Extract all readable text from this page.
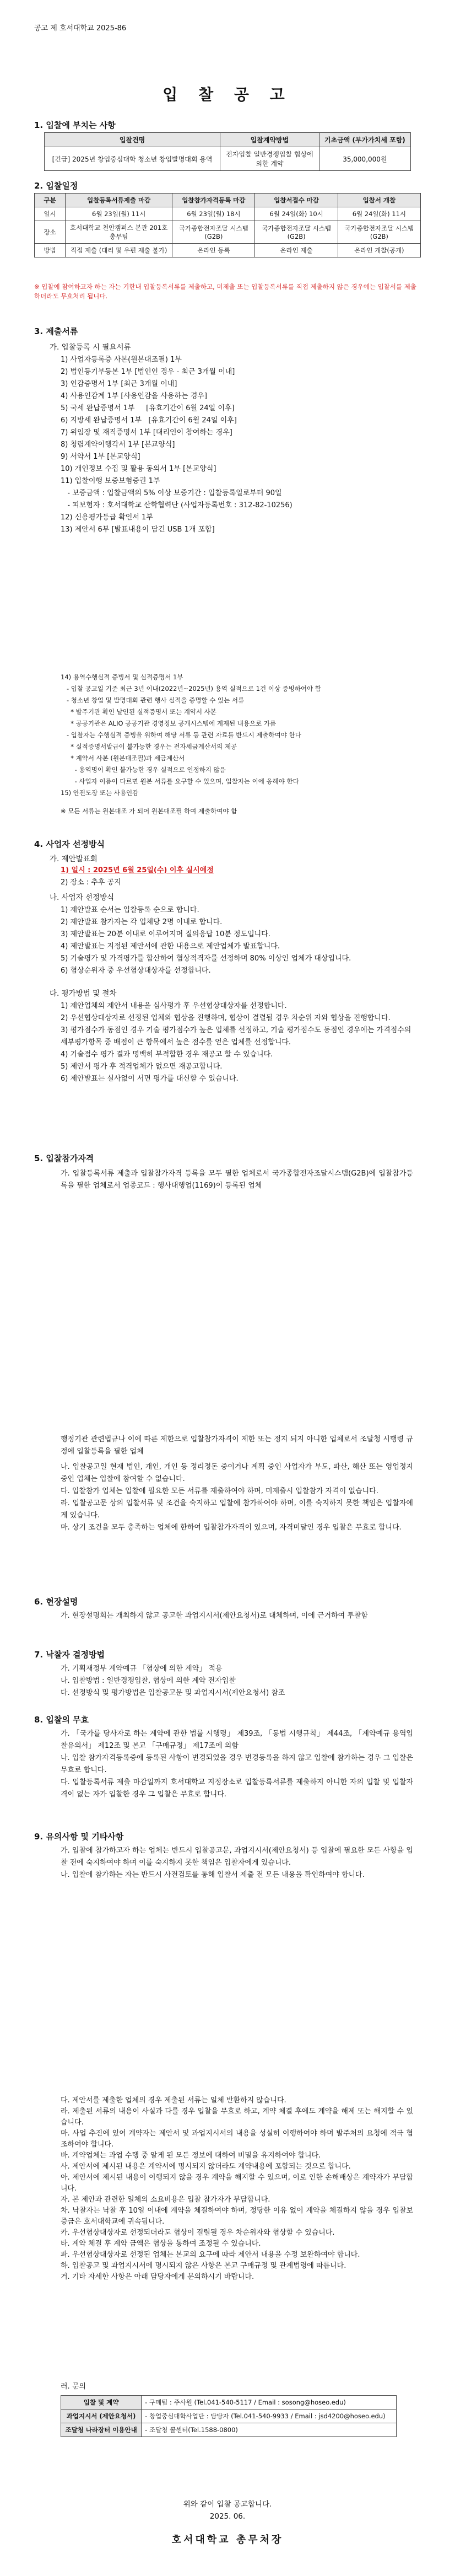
공고 제 호서대학교 2025-86
입 찰 공 고
1. 입찰에 부치는 사항
입찰건명	입찰계약방법	기초금액 (부가가치세 포함)
[긴급] 2025년 창업중심대학 청소년 창업발명대회 용역	전자입찰 일반경쟁입찰 협상에 의한 계약	35,000,000원
2. 입찰일정
구분	입찰등록서류제출 마감	입찰참가자격등록 마감	입찰서접수 마감	입찰서 개찰
일시	6월 23일(월) 11시	6월 23일(월) 18시	6월 24일(화) 10시	6월 24일(화) 11시
장소	호서대학교 천안캠퍼스 본관 201호 총무팀	국가종합전자조달 시스템(G2B)	국가종합전자조달 시스템(G2B)	국가종합전자조달 시스템(G2B)
방법	직접 제출 (대리 및 우편 제출 불가)	온라인 등록	온라인 제출	온라인 개찰(공개)
※ 입찰에 참여하고자 하는 자는 기한내 입찰등록서류를 제출하고, 미제출 또는 입찰등록서류를 직접 제출하지 않은 경우에는 입찰서를 제출하더라도 무효처리 됩니다.
3. 제출서류
가. 입찰등록 시 필요서류
1) 사업자등록증 사본(원본대조필) 1부
2) 법인등기부등본 1부 [법인인 경우 - 최근 3개월 이내]
3) 인감증명서 1부 [최근 3개월 이내]
4) 사용인감계 1부 [사용인감을 사용하는 경우]
5) 국세 완납증명서 1부     [유효기간이 6월 24일 이후]
6) 지방세 완납증명서 1부   [유효기간이 6월 24일 이후]
7) 위임장 및 재직증명서 1부 [대리인이 참여하는 경우]
8) 청렴계약이행각서 1부 [본교양식]
9) 서약서 1부 [본교양식]
10) 개인정보 수집 및 활용 동의서 1부 [본교양식]
11) 입찰이행 보증보험증권 1부
- 보증금액 : 입찰금액의 5% 이상 보증기간 : 입찰등록일로부터 90일
- 피보험자 : 호서대학교 산학협력단 (사업자등록번호 : 312-82-10256)
12) 신용평가등급 확인서 1부
13) 제안서 6부 [발표내용이 담긴 USB 1개 포함]
14) 용역수행실적 증빙서 및 실적증명서 1부
- 입찰 공고일 기준 최근 3년 이내(2022년~2025년) 용역 실적으로 1건 이상 증빙하여야 함
- 청소년 창업 및 발명대회 관련 행사 실적을 증명할 수 있는 서류
* 발주기관 확인 날인된 실적증명서 또는 계약서 사본
* 공공기관은 ALIO 공공기관 경영정보 공개시스템에 게재된 내용으로 가름
- 입찰자는 수행실적 증빙을 위하여 해당 서류 등 관련 자료를 반드시 제출하여야 한다
* 실적증명서발급이 불가능한 경우는 전자세금계산서의 제공
* 계약서 사본 (원본대조필)과 세금계산서
- 용역명이 확인 불가능한 경우 실적으로 인정하지 않음
- 사업자 이름이 다르면 원본 서류를 요구할 수 있으며, 입찰자는 이에 응해야 한다
15) 안전도장 또는 사용인감
※ 모든 서류는 원본대조 가 되어 원본대조필 하여 제출하여야 함
4. 사업자 선정방식
가. 제안발표회
1) 일시 : 2025년 6월 25일(수) 이후 실시예정
2) 장소 : 추후 공지
나. 사업자 선정방식
1) 제안발표 순서는 입찰등록 순으로 합니다.
2) 제안발표 참가자는 각 업체당 2명 이내로 합니다.
3) 제안발표는 20분 이내로 이루어지며 질의응답 10분 정도입니다.
4) 제안발표는 지정된 제안서에 관한 내용으로 제안업체가 발표합니다.
5) 기술평가 및 가격평가를 합산하여 협상적격자를 선정하며 80% 이상인 업체가 대상입니다.
6) 협상순위자 중 우선협상대상자를 선정합니다.
다. 평가방법 및 절차
1) 제안업체의 제안서 내용을 심사평가 후 우선협상대상자를 선정합니다.
2) 우선협상대상자로 선정된 업체와 협상을 진행하며, 협상이 결렬될 경우 차순위 자와 협상을 진행합니다.
3) 평가점수가 동점인 경우 기술 평가점수가 높은 업체를 선정하고, 기술 평가점수도 동점인 경우에는 가격점수의 세부평가항목 중 배점이 큰 항목에서 높은 점수를 얻은 업체를 선정합니다.
4) 기술점수 평가 결과 명백히 부적합한 경우 재공고 할 수 있습니다.
5) 제안서 평가 후 적격업체가 없으면 재공고합니다.
6) 제안발표는 실사없이 서면 평가를 대신할 수 있습니다.
5. 입찰참가자격
가. 입찰등록서류 제출과 입찰참가자격 등록을 모두 필한 업체로서 국가종합전자조달시스템(G2B)에 입찰참가등록을 필한 업체로서 업종코드 : 행사대행업(1169)이 등록된 업체
행정기관 관련법규나 이에 따른 제한으로 입찰참가자격이 제한 또는 정지 되지 아니한 업체로서 조달청 시행령 규정에 입찰등록을 필한 업체
나. 입찰공고일 현재 법인, 개인, 개인 등 정리정돈 중이거나 계획 중인 사업자가 부도, 파산, 해산 또는 영업정지 중인 업체는 입찰에 참여할 수 없습니다.
다. 입찰참가 업체는 입찰에 필요한 모든 서류를 제출하여야 하며, 미제출시 입찰참가 자격이 없습니다.
라. 입찰공고문 상의 입찰서류 및 조건을 숙지하고 입찰에 참가하여야 하며, 이를 숙지하지 못한 책임은 입찰자에게 있습니다.
마. 상기 조건을 모두 충족하는 업체에 한하여 입찰참가자격이 있으며, 자격미달인 경우 입찰은 무효로 합니다.
6. 현장설명
가. 현장설명회는 개최하지 않고 공고한 과업지시서(제안요청서)로 대체하며, 이에 근거하여 투찰함
7. 낙찰자 결정방법
가. 기획재정부 계약예규 「협상에 의한 계약」 적용
나. 입찰방법 : 일반경쟁입찰, 협상에 의한 계약 전자입찰
다. 선정방식 및 평가방법은 입찰공고문 및 과업지시서(제안요청서) 참조
8. 입찰의 무효
가. 「국가를 당사자로 하는 계약에 관한 법률 시행령」 제39조, 「동법 시행규칙」 제44조, 「계약예규 용역입찰유의서」 제12조 및 본교 「구매규정」 제17조에 의함
나. 입찰 참가자격등록증에 등록된 사항이 변경되었을 경우 변경등록을 하지 않고 입찰에 참가하는 경우 그 입찰은 무효로 합니다.
다. 입찰등록서류 제출 마감일까지 호서대학교 지정장소로 입찰등록서류를 제출하지 아니한 자의 입찰 및 입찰자격이 없는 자가 입찰한 경우 그 입찰은 무효로 합니다.
9. 유의사항 및 기타사항
가. 입찰에 참가하고자 하는 업체는 반드시 입찰공고문, 과업지시서(제안요청서) 등 입찰에 필요한 모든 사항을 입찰 전에 숙지하여야 하며 이를 숙지하지 못한 책임은 입찰자에게 있습니다.
나. 입찰에 참가하는 자는 반드시 사전검토를 통해 입찰서 제출 전 모든 내용을 확인하여야 합니다.
다. 제안서를 제출한 업체의 경우 제출된 서류는 일체 반환하지 않습니다.
라. 제출된 서류의 내용이 사실과 다를 경우 입찰을 무효로 하고, 계약 체결 후에도 계약을 해제 또는 해지할 수 있습니다.
마. 사업 추진에 있어 계약자는 제안서 및 과업지시서의 내용을 성실히 이행하여야 하며 발주처의 요청에 적극 협조하여야 합니다.
바. 계약업체는 과업 수행 중 알게 된 모든 정보에 대하여 비밀을 유지하여야 합니다.
사. 제안서에 제시된 내용은 계약서에 명시되지 않더라도 계약내용에 포함되는 것으로 합니다.
아. 제안서에 제시된 내용이 이행되지 않을 경우 계약을 해지할 수 있으며, 이로 인한 손해배상은 계약자가 부담합니다.
자. 본 제안과 관련한 일체의 소요비용은 입찰 참가자가 부담합니다.
차. 낙찰자는 낙찰 후 10일 이내에 계약을 체결하여야 하며, 정당한 이유 없이 계약을 체결하지 않을 경우 입찰보증금은 호서대학교에 귀속됩니다.
카. 우선협상대상자로 선정되더라도 협상이 결렬될 경우 차순위자와 협상할 수 있습니다.
타. 계약 체결 후 계약 금액은 협상을 통하여 조정될 수 있습니다.
파. 우선협상대상자로 선정된 업체는 본교의 요구에 따라 제안서 내용을 수정 보완하여야 합니다.
하. 입찰공고 및 과업지시서에 명시되지 않은 사항은 본교 구매규정 및 관계법령에 따릅니다.
거. 기타 자세한 사항은 아래 담당자에게 문의하시기 바랍니다.
러. 문의
입찰 및 계약	- 구매팀 : 주사원 (Tel.041-540-5117 / Email : sosong@hoseo.edu)
과업지시서 (제안요청서)	- 창업중심대학사업단 : 담당자 (Tel.041-540-9933 / Email : jsd4200@hoseo.edu)
조달청 나라장터 이용안내	- 조달청 콜센터(Tel.1588-0800)
위와 같이 입찰 공고합니다.
2025. 06.
호서대학교 총무처장
